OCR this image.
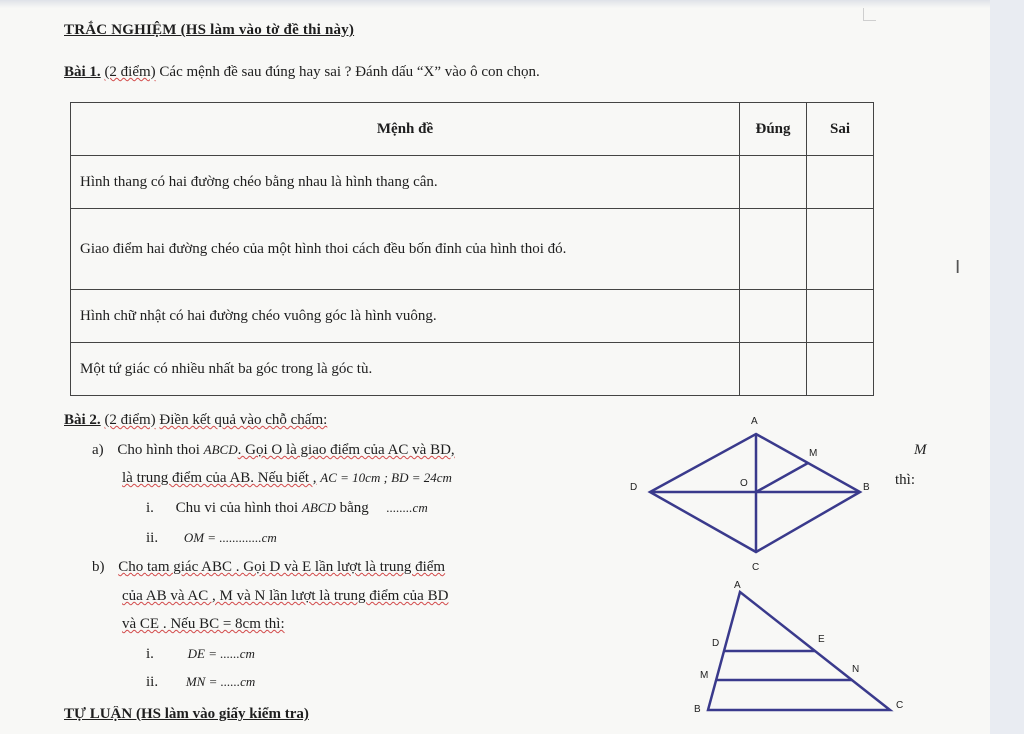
I
TRẮC NGHIỆM (HS làm vào tờ đề thi này)
Bài 1. (2 điểm) Các mệnh đề sau đúng hay sai ? Đánh dấu “X” vào ô con chọn.
Mệnh đề	Đúng	Sai
Hình thang có hai đường chéo bằng nhau là hình thang cân.		
Giao điểm hai đường chéo của một hình thoi cách đều bốn đỉnh của hình thoi đó.		
Hình chữ nhật có hai đường chéo vuông góc là hình vuông.		
Một tứ giác có nhiều nhất ba góc trong là góc tù.		
Bài 2. (2 điểm) Điền kết quả vào chỗ chấm:
a) Cho hình thoi ABCD. Gọi O là giao điểm của AC và BD,	M
là trung điểm của AB. Nếu biết , AC = 10cm ; BD = 24cm	thì:
i. Chu vi của hình thoi ABCD bằng ........cm
ii. OM = .............cm
b) Cho tam giác ABC . Gọi D và E lần lượt là trung điểm
của AB và AC , M và N lần lượt là trung điểm của BD
và CE . Nếu BC = 8cm thì:
i.	DE = ......cm
ii. MN = ......cm
A
B
C
D	O
M
A
B	C
D	E
M
N
TỰ LUẬN (HS làm vào giấy kiểm tra)
